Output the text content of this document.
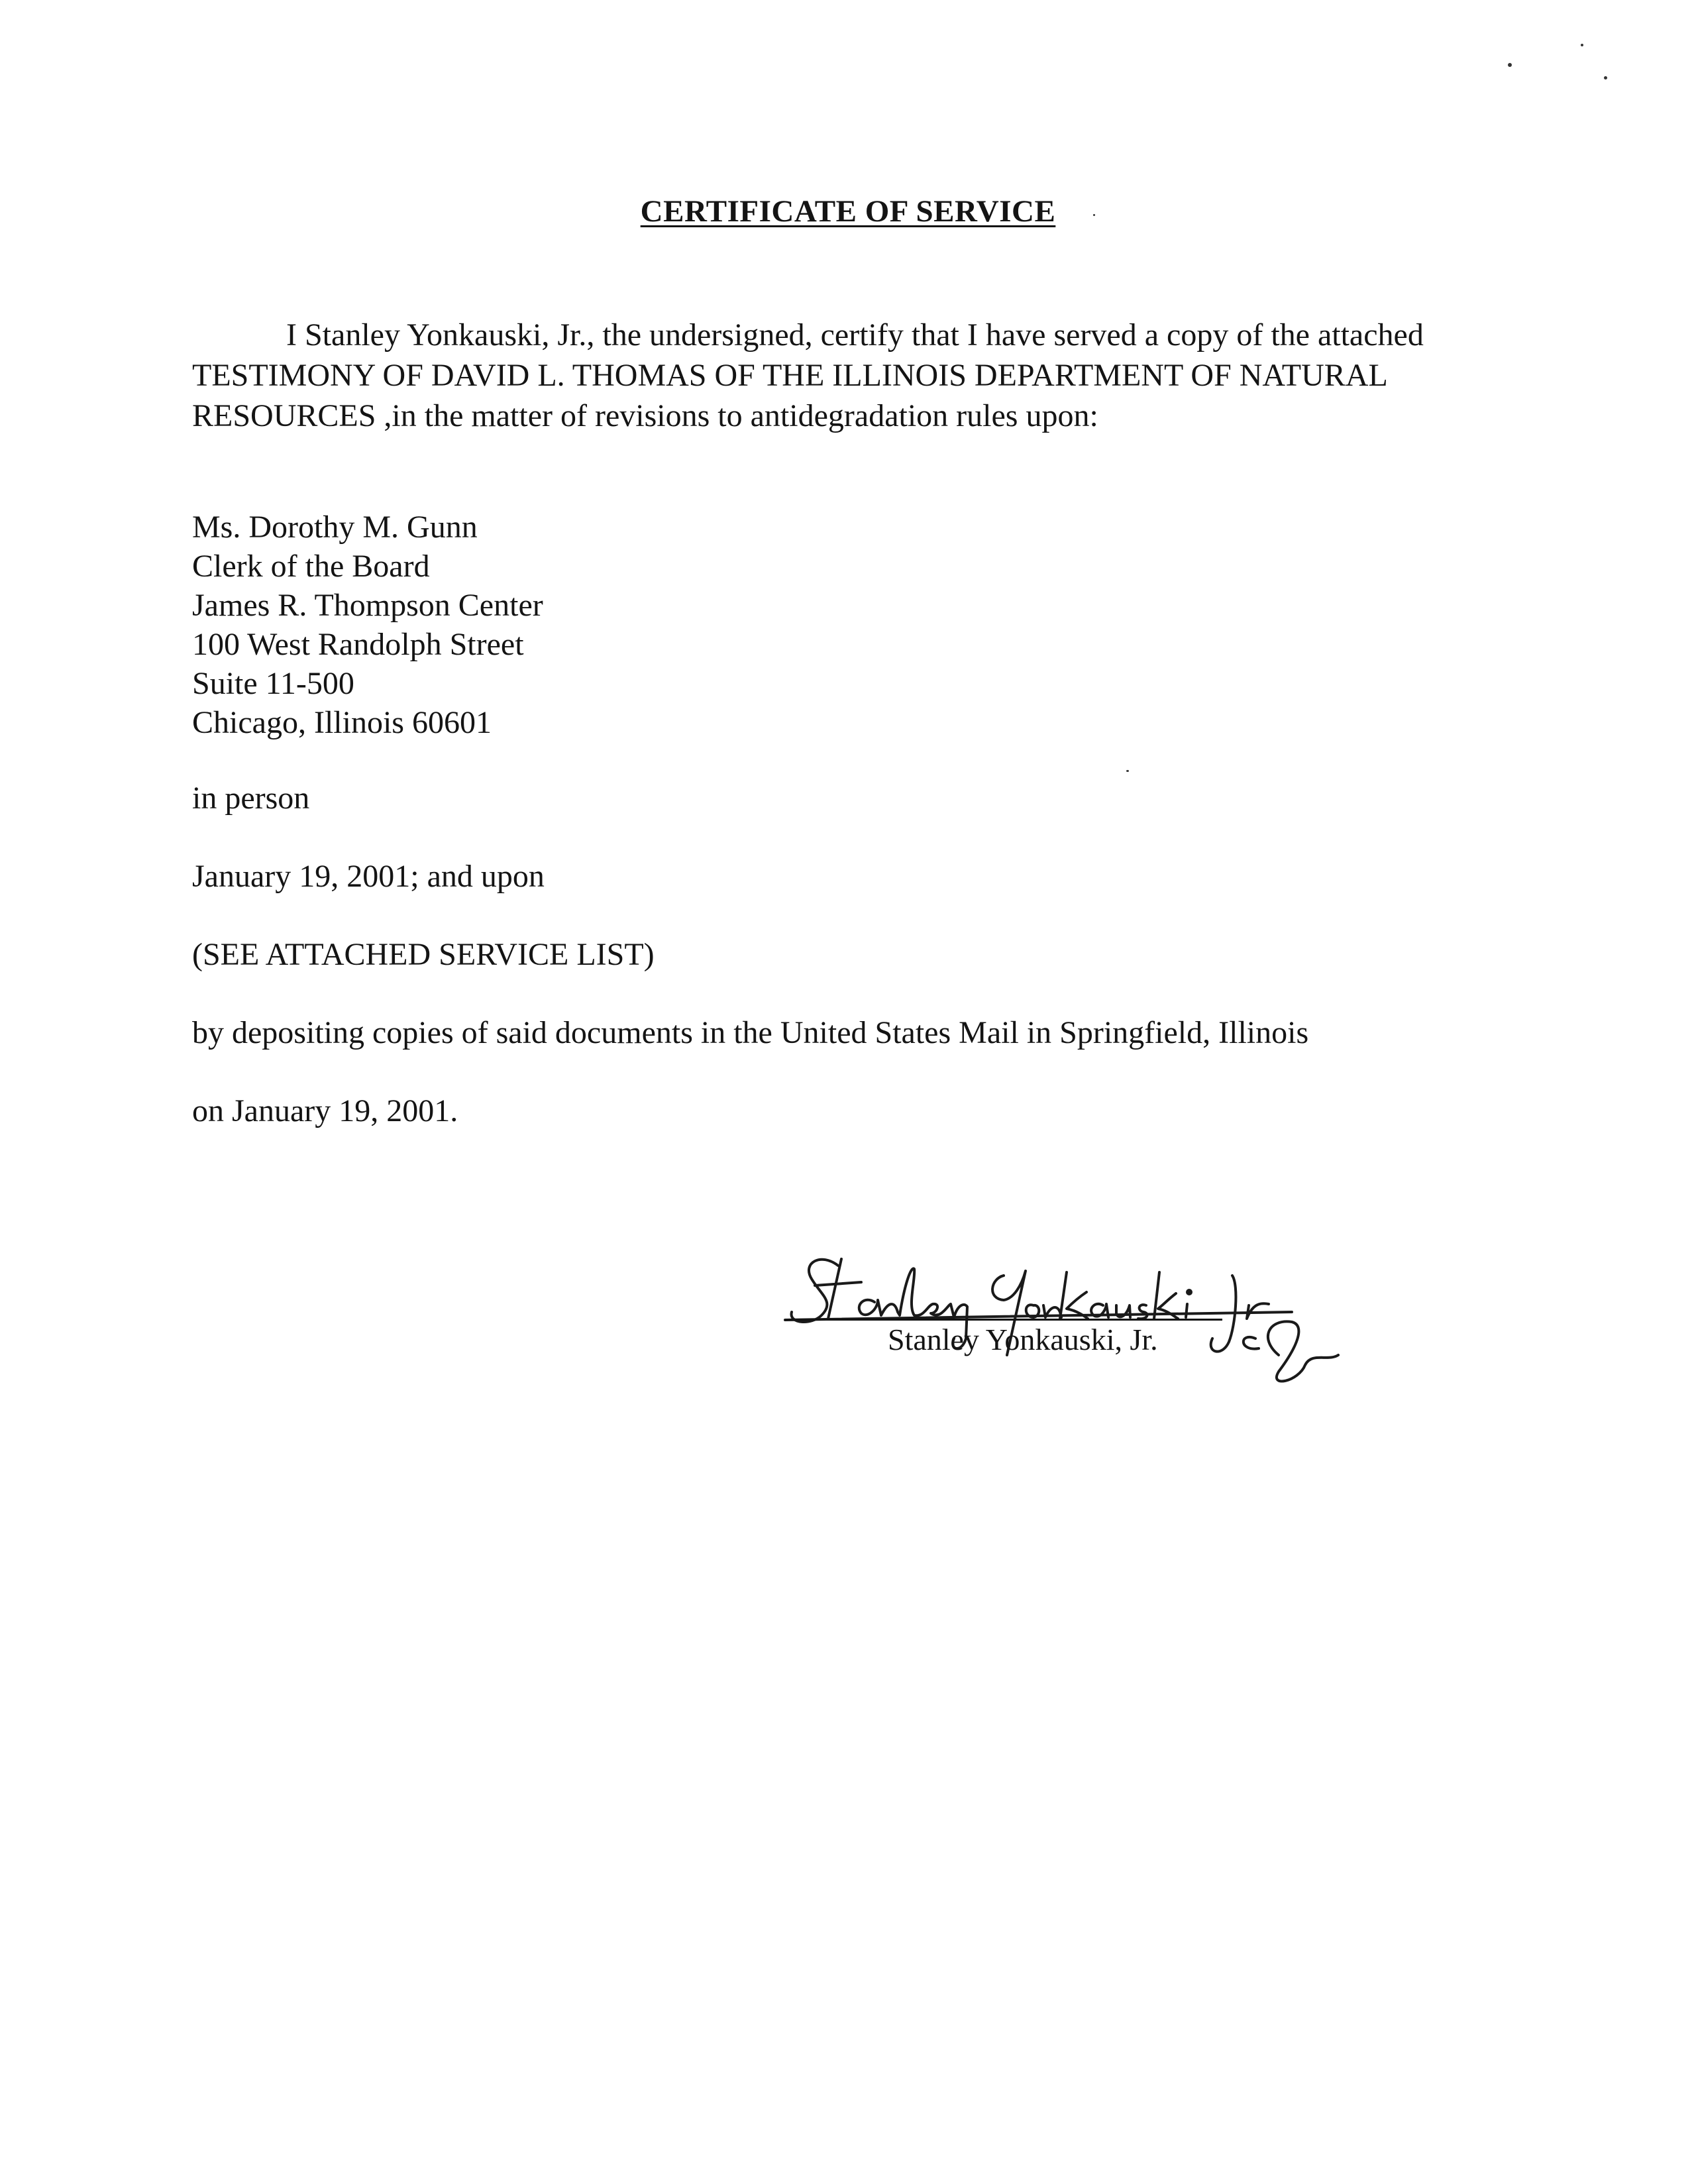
CERTIFICATE OF SERVICE

I Stanley Yonkauski, Jr., the undersigned, certify that I have served a copy of the attached
TESTIMONY OF DAVID L. THOMAS OF THE ILLINOIS DEPARTMENT OF NATURAL
RESOURCES ,in the matter of revisions to antidegradation rules upon:

Ms. Dorothy M. Gunn
Clerk of the Board
James R. Thompson Center
100 West Randolph Street
Suite 11-500
Chicago, Illinois 60601
in person
January 19, 2001; and upon
(SEE ATTACHED SERVICE LIST)
by depositing copies of said documents in the United States Mail in Springfield, Illinois
on January 19, 2001.
Stanley Yonkauski, Jr.
